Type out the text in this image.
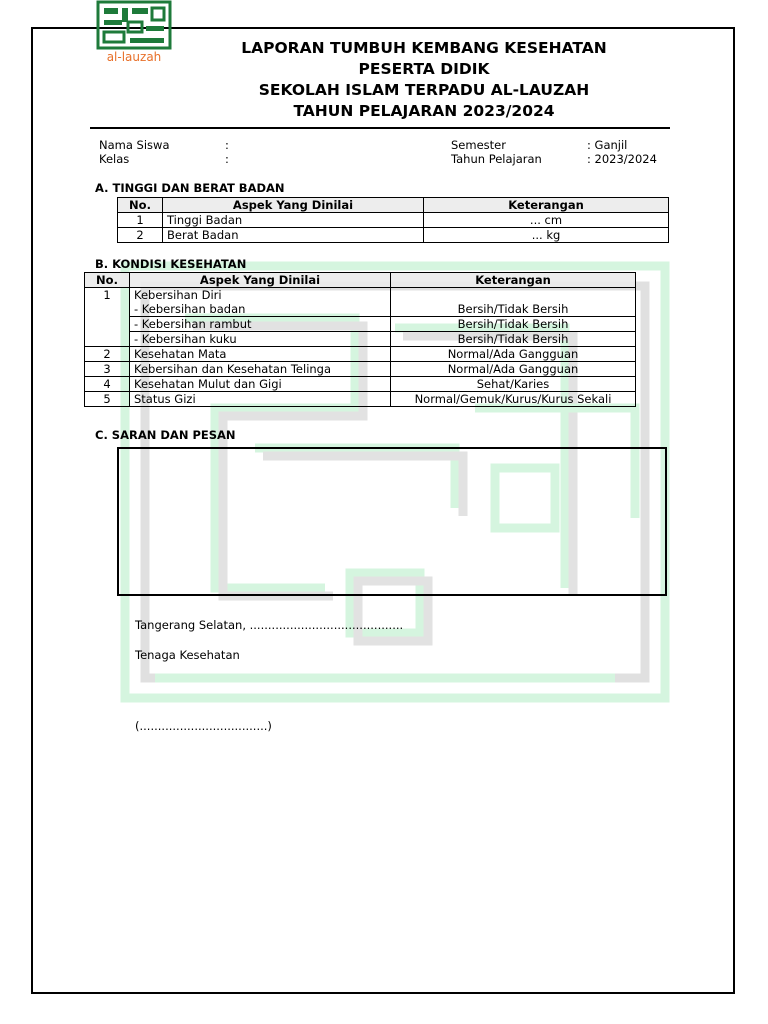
al-lauzah	LAPORAN TUMBUH KEMBANG KESEHATAN
PESERTA DIDIK
SEKOLAH ISLAM TERPADU AL-LAUZAH
TAHUN PELAJARAN 2023/2024
Nama Siswa	:
Kelas	:
Semester	: Ganjil
Tahun Pelajaran	: 2023/2024
A. TINGGI DAN BERAT BADAN
No.	Aspek Yang Dinilai	Keterangan
1	Tinggi Badan	... cm
2	Berat Badan	... kg
B. KONDISI KESEHATAN
No.	Aspek Yang Dinilai	Keterangan
1	Kebersihan Diri	
	- Kebersihan badan	Bersih/Tidak Bersih
	- Kebersihan rambut	Bersih/Tidak Bersih
	- Kebersihan kuku	Bersih/Tidak Bersih
2	Kesehatan Mata	Normal/Ada Gangguan
3	Kebersihan dan Kesehatan Telinga	Normal/Ada Gangguan
4	Kesehatan Mulut dan Gigi	Sehat/Karies
5	Status Gizi	Normal/Gemuk/Kurus/Kurus Sekali
C. SARAN DAN PESAN
Tangerang Selatan, ..........................................
Tenaga Kesehatan
(...................................)
